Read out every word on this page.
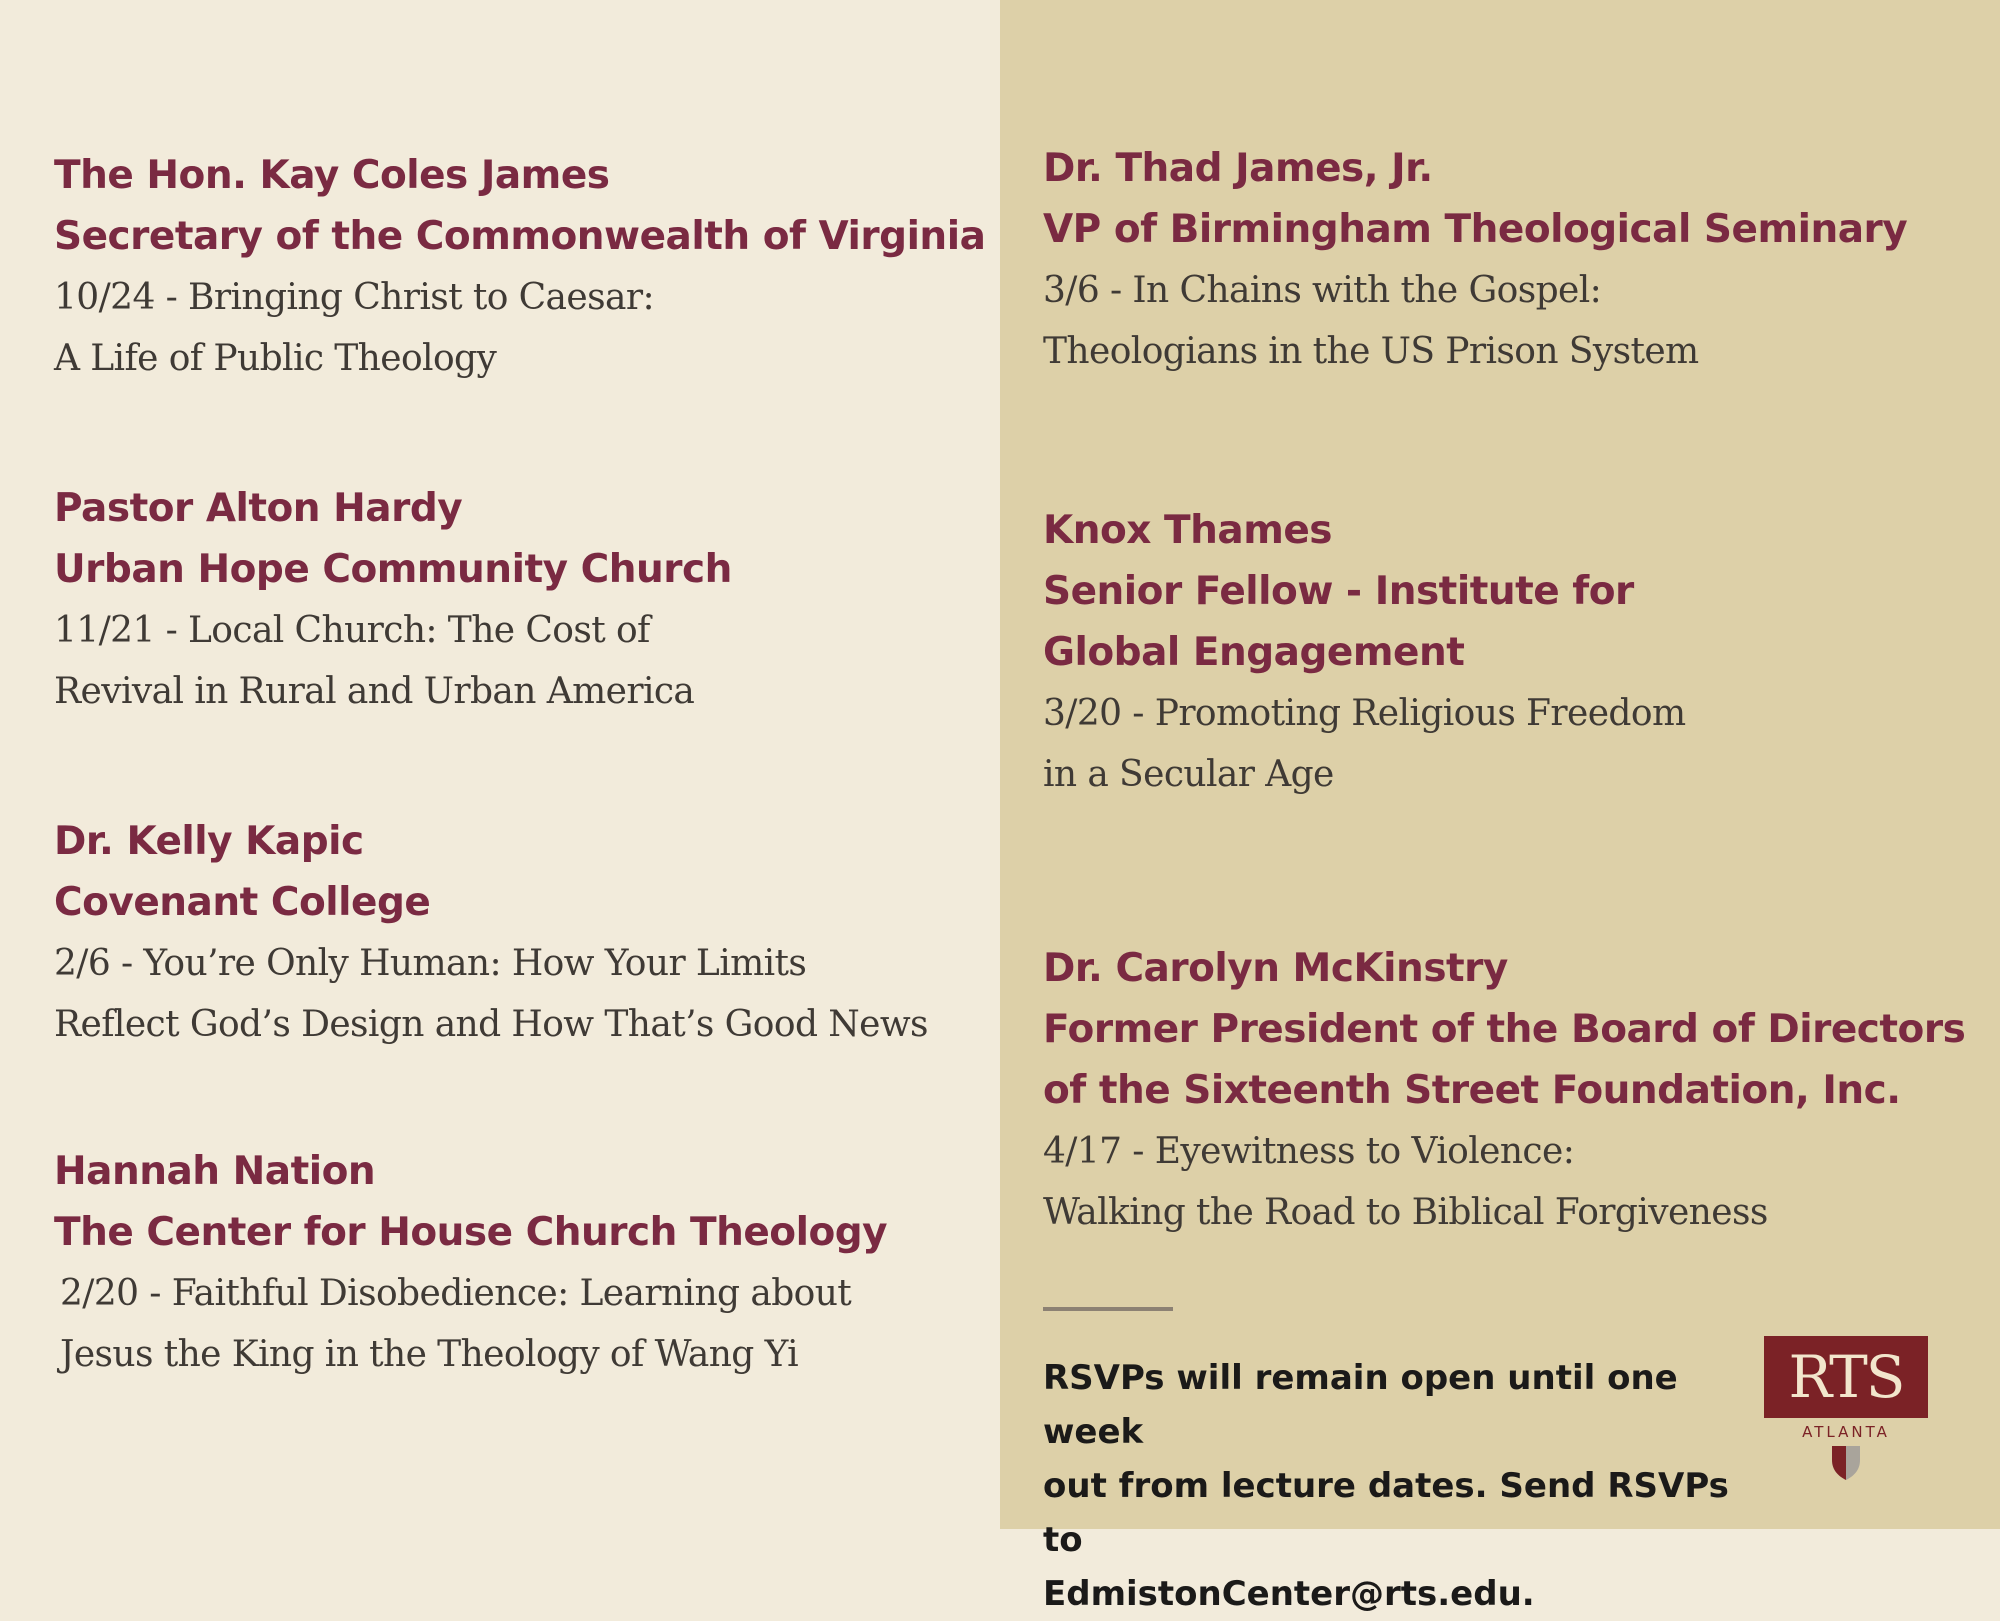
The Hon. Kay Coles James
Secretary of the Commonwealth of Virginia
10/24 - Bringing Christ to Caesar:
A Life of Public Theology
Pastor Alton Hardy
Urban Hope Community Church
11/21 - Local Church: The Cost of
Revival in Rural and Urban America
Dr. Kelly Kapic
Covenant College
2/6 - You’re Only Human: How Your Limits
Reflect God’s Design and How That’s Good News
Hannah Nation
The Center for House Church Theology
2/20 - Faithful Disobedience: Learning about
Jesus the King in the Theology of Wang Yi
Dr. Thad James, Jr.
VP of Birmingham Theological Seminary
3/6 - In Chains with the Gospel:
Theologians in the US Prison System
Knox Thames
Senior Fellow - Institute for
Global Engagement
3/20 - Promoting Religious Freedom
in a Secular Age
Dr. Carolyn McKinstry
Former President of the Board of Directors
of the Sixteenth Street Foundation, Inc.
4/17 - Eyewitness to Violence:
Walking the Road to Biblical Forgiveness
RSVPs will remain open until one week
out from lecture dates. Send RSVPs to
EdmistonCenter@rts.edu.
RTS
ATLANTA
